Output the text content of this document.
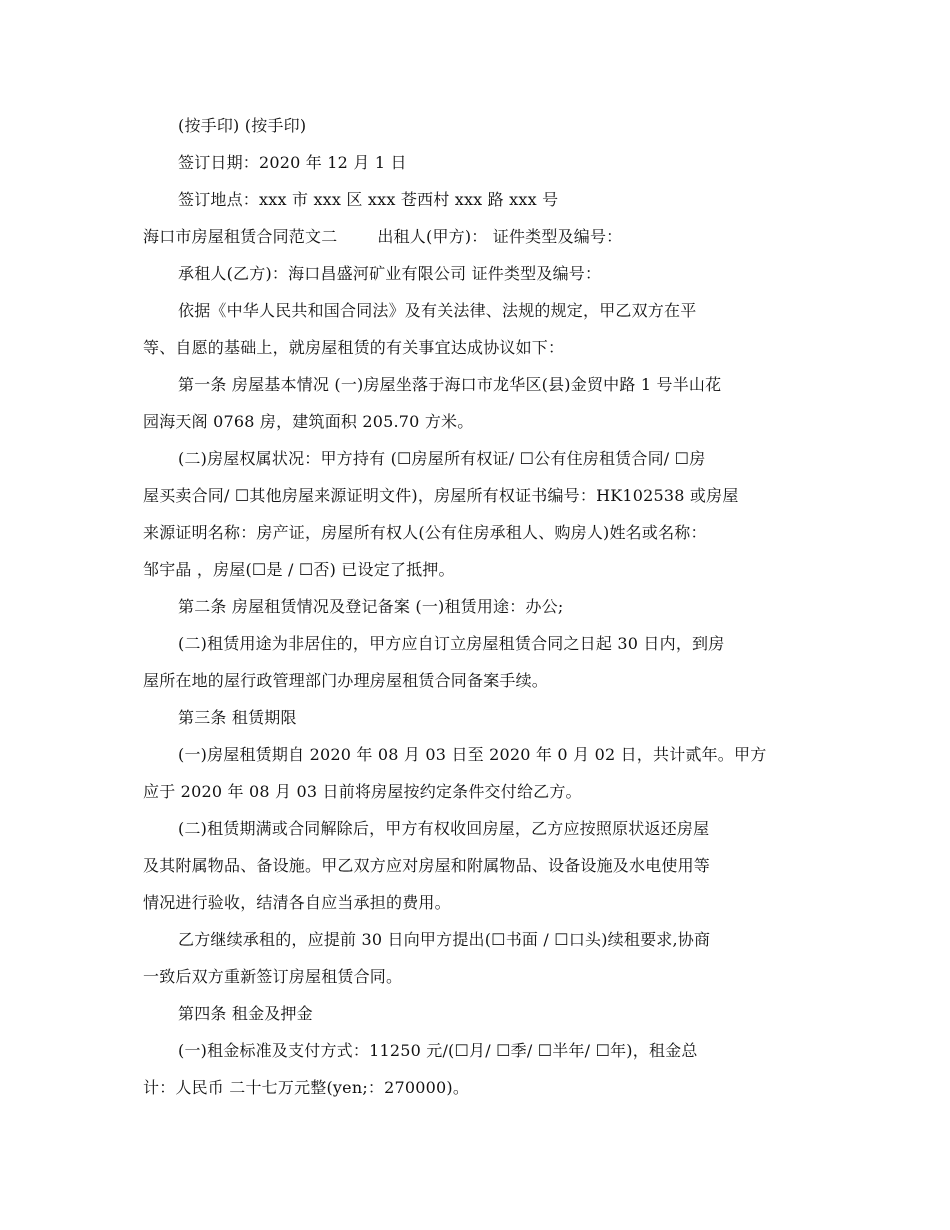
(按手印) (按手印)
签订日期：2020 年 12 月 1 日
签订地点：xxx 市 xxx 区 xxx 苍西村 xxx 路 xxx 号
海口市房屋租赁合同范文二	出租人(甲方)： 证件类型及编号：
承租人(乙方)：海口昌盛河矿业有限公司 证件类型及编号：
依据《中华人民共和国合同法》及有关法律、法规的规定，甲乙双方在平
等、自愿的基础上，就房屋租赁的有关事宜达成协议如下：
第一条 房屋基本情况 (一)房屋坐落于海口市龙华区(县)金贸中路 1 号半山花
园海天阁 0768 房，建筑面积 205.70 方米。
(二)房屋权属状况：甲方持有 (☐房屋所有权证/ ☐公有住房租赁合同/ ☐房
屋买卖合同/ ☐其他房屋来源证明文件)，房屋所有权证书编号：HK102538 或房屋
来源证明名称：房产证，房屋所有权人(公有住房承租人、购房人)姓名或名称：
邹宇晶 ，房屋(☐是 / ☐否) 已设定了抵押。
第二条 房屋租赁情况及登记备案 (一)租赁用途：办公;
(二)租赁用途为非居住的，甲方应自订立房屋租赁合同之日起 30 日内，到房
屋所在地的屋行政管理部门办理房屋租赁合同备案手续。
第三条 租赁期限
(一)房屋租赁期自 2020 年 08 月 03 日至 2020 年 0 月 02 日，共计贰年。甲方
应于 2020 年 08 月 03 日前将房屋按约定条件交付给乙方。
(二)租赁期满或合同解除后，甲方有权收回房屋，乙方应按照原状返还房屋
及其附属物品、备设施。甲乙双方应对房屋和附属物品、设备设施及水电使用等
情况进行验收，结清各自应当承担的费用。
乙方继续承租的，应提前 30 日向甲方提出(☐书面 / ☐口头)续租要求,协商
一致后双方重新签订房屋租赁合同。
第四条 租金及押金
(一)租金标准及支付方式：11250 元/(☐月/ ☐季/ ☐半年/ ☐年)，租金总
计：人民币 二十七万元整(yen;：270000)。
